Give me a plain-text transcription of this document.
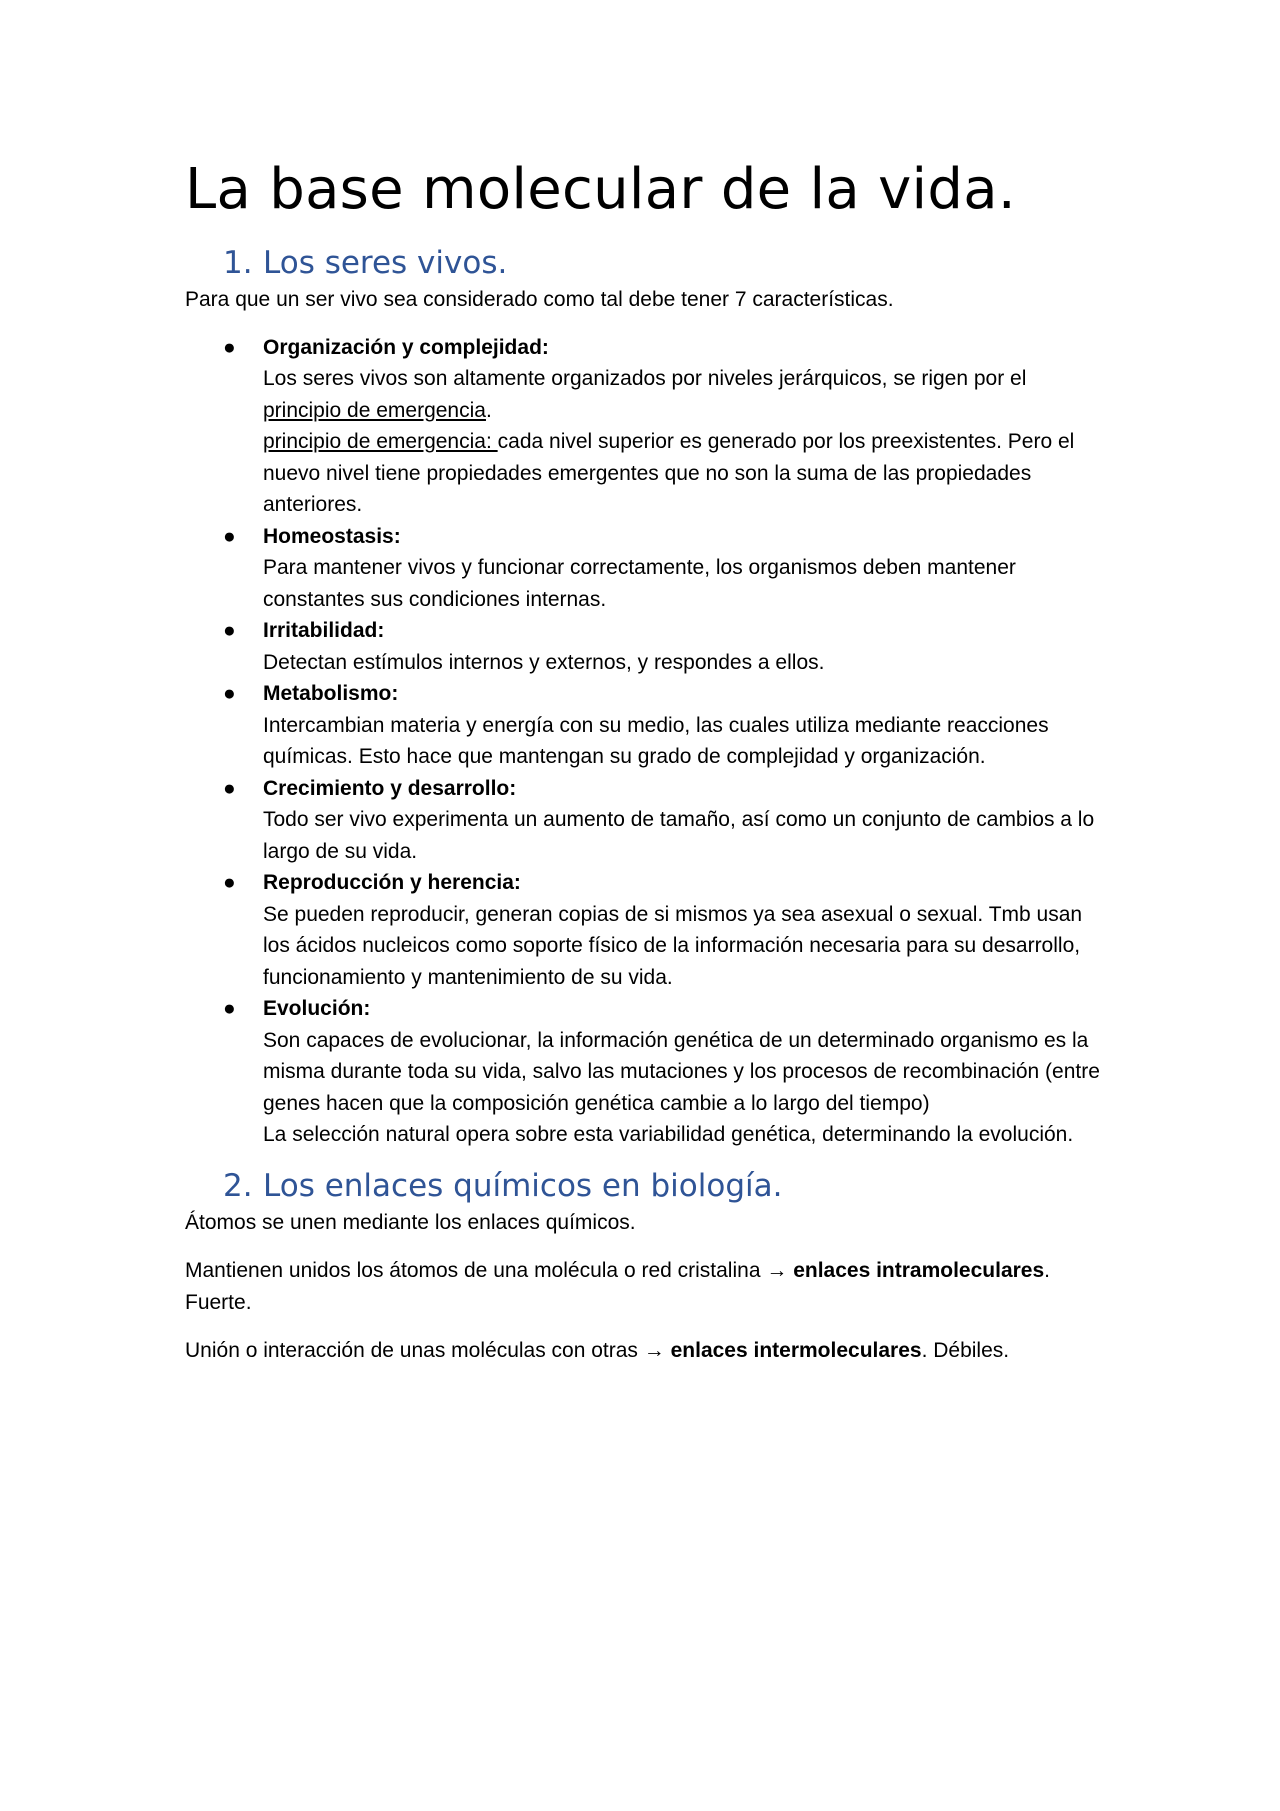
La base molecular de la vida.
1. Los seres vivos.

Para que un ser vivo sea considerado como tal debe tener 7 características.

● Organización y complejidad:
Los seres vivos son altamente organizados por niveles jerárquicos, se rigen por el principio de emergencia.
principio de emergencia: cada nivel superior es generado por los preexistentes. Pero el nuevo nivel tiene propiedades emergentes que no son la suma de las propiedades anteriores.
● Homeostasis:
Para mantener vivos y funcionar correctamente, los organismos deben mantener constantes sus condiciones internas.
● Irritabilidad:
Detectan estímulos internos y externos, y respondes a ellos.
● Metabolismo:
Intercambian materia y energía con su medio, las cuales utiliza mediante reacciones químicas. Esto hace que mantengan su grado de complejidad y organización.
● Crecimiento y desarrollo:
Todo ser vivo experimenta un aumento de tamaño, así como un conjunto de cambios a lo largo de su vida.
● Reproducción y herencia:
Se pueden reproducir, generan copias de si mismos ya sea asexual o sexual. Tmb usan los ácidos nucleicos como soporte físico de la información necesaria para su desarrollo, funcionamiento y mantenimiento de su vida.
● Evolución:
Son capaces de evolucionar, la información genética de un determinado organismo es la misma durante toda su vida, salvo las mutaciones y los procesos de recombinación (entre genes hacen que la composición genética cambie a lo largo del tiempo)
La selección natural opera sobre esta variabilidad genética, determinando la evolución.
2. Los enlaces químicos en biología.

Átomos se unen mediante los enlaces químicos.

Mantienen unidos los átomos de una molécula o red cristalina → enlaces intramoleculares. Fuerte.

Unión o interacción de unas moléculas con otras → enlaces intermoleculares. Débiles.
